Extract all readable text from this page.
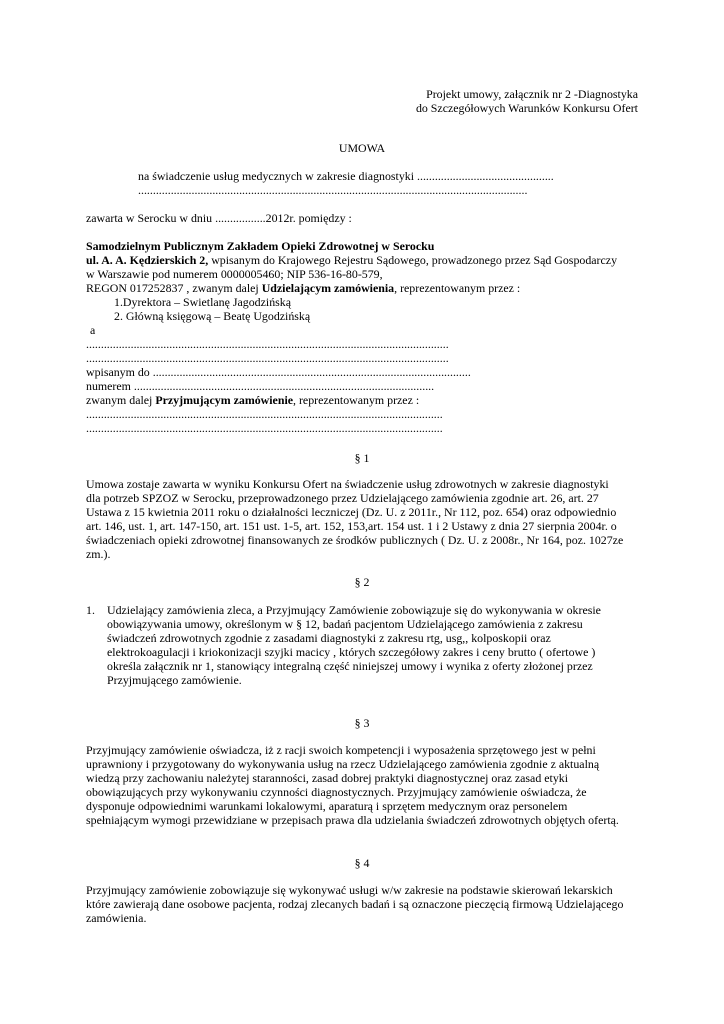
Projekt umowy, załącznik nr 2 -Diagnostyka
do Szczegółowych Warunków Konkursu Ofert
UMOWA
na świadczenie usług medycznych w zakresie diagnostyki ..............................................
...................................................................................................................................
zawarta w Serocku w dniu .................2012r. pomiędzy :
Samodzielnym Publicznym Zakładem Opieki Zdrowotnej w Serocku
ul. A. A. Kędzierskich 2, wpisanym do Krajowego Rejestru Sądowego, prowadzonego przez Sąd Gospodarczy
w Warszawie pod numerem 0000005460; NIP 536-16-80-579,
REGON 017252837 , zwanym dalej Udzielającym zamówienia, reprezentowanym przez :
1.Dyrektora – Swietlanę Jagodzińską
2. Główną księgową – Beatę Ugodzińską
a
..........................................................................................................................
..........................................................................................................................
wpisanym do ...........................................................................................................
numerem .....................................................................................................
zwanym dalej Przyjmującym zamówienie, reprezentowanym przez :
........................................................................................................................
........................................................................................................................
§ 1
Umowa zostaje zawarta w wyniku Konkursu Ofert na świadczenie usług zdrowotnych w zakresie diagnostyki
dla potrzeb SPZOZ w Serocku, przeprowadzonego przez Udzielającego zamówienia zgodnie art. 26, art. 27
Ustawa z 15 kwietnia 2011 roku o działalności leczniczej (Dz. U. z 2011r., Nr 112, poz. 654) oraz odpowiednio
art. 146, ust. 1, art. 147-150, art. 151 ust. 1-5, art. 152, 153,art. 154 ust. 1 i 2 Ustawy z dnia 27 sierpnia 2004r. o
świadczeniach opieki zdrowotnej finansowanych ze środków publicznych ( Dz. U. z 2008r., Nr 164, poz. 1027ze
zm.).
§ 2
1. Udzielający zamówienia zleca, a Przyjmujący Zamówienie zobowiązuje się do wykonywania w okresie
obowiązywania umowy, określonym w § 12, badań pacjentom Udzielającego zamówienia z zakresu
świadczeń zdrowotnych zgodnie z zasadami diagnostyki z zakresu rtg, usg,, kolposkopii oraz
elektrokoagulacji i kriokonizacji szyjki macicy , których szczegółowy zakres i ceny brutto ( ofertowe )
określa załącznik nr 1, stanowiący integralną część niniejszej umowy i wynika z oferty złożonej przez
Przyjmującego zamówienie.
§ 3
Przyjmujący zamówienie oświadcza, iż z racji swoich kompetencji i wyposażenia sprzętowego jest w pełni
uprawniony i przygotowany do wykonywania usług na rzecz Udzielającego zamówienia zgodnie z aktualną
wiedzą przy zachowaniu należytej staranności, zasad dobrej praktyki diagnostycznej oraz zasad etyki
obowiązujących przy wykonywaniu czynności diagnostycznych. Przyjmujący zamówienie oświadcza, że
dysponuje odpowiednimi warunkami lokalowymi, aparaturą i sprzętem medycznym oraz personelem
spełniającym wymogi przewidziane w przepisach prawa dla udzielania świadczeń zdrowotnych objętych ofertą.
§ 4
Przyjmujący zamówienie zobowiązuje się wykonywać usługi w/w zakresie na podstawie skierowań lekarskich
które zawierają dane osobowe pacjenta, rodzaj zlecanych badań i są oznaczone pieczęcią firmową Udzielającego
zamówienia.
